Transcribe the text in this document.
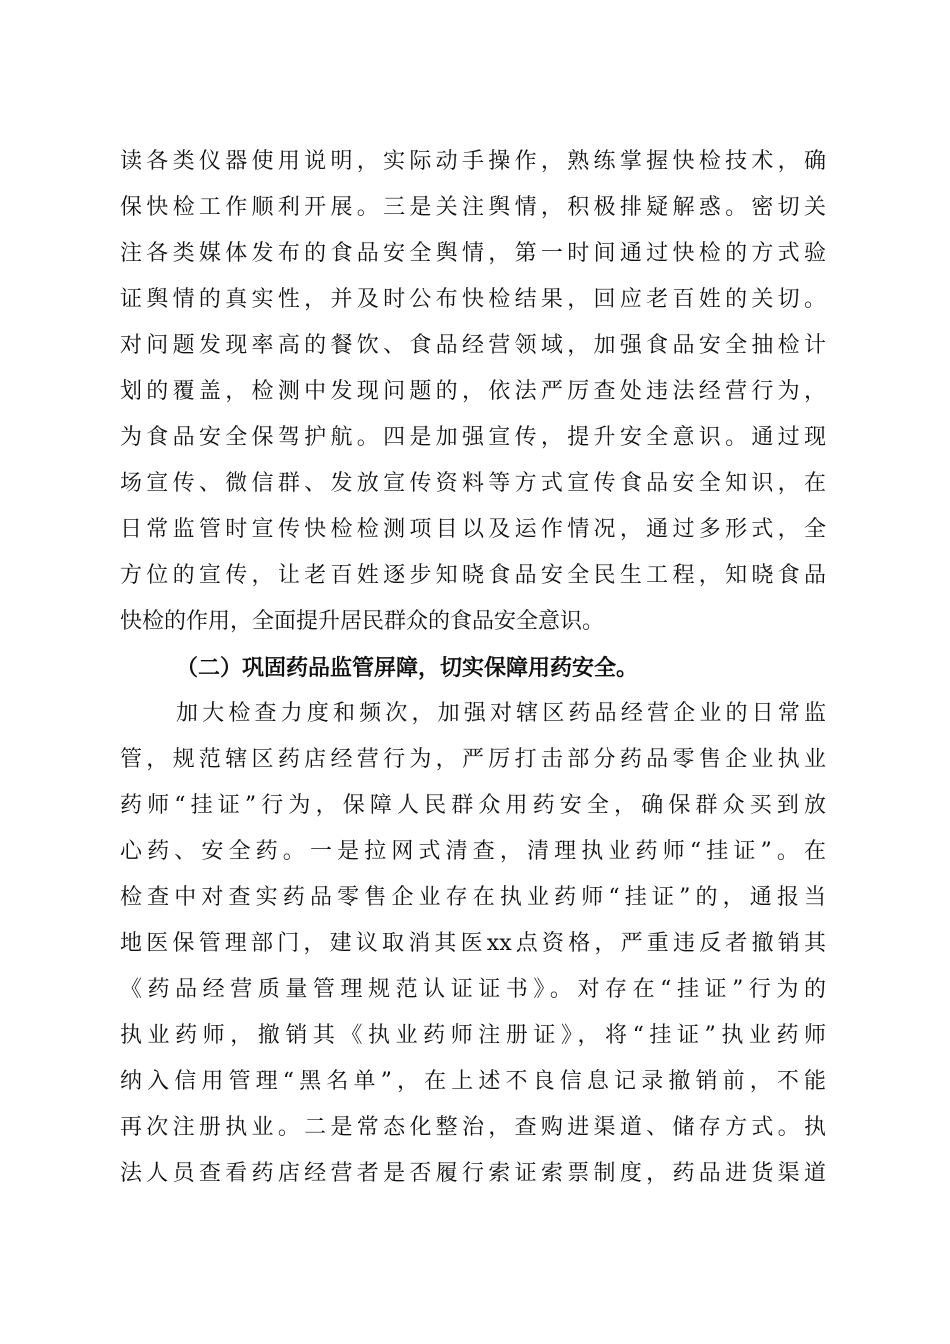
读各类仪器使用说明，实际动手操作，熟练掌握快检技术，确
保快检工作顺利开展。三是关注舆情，积极排疑解惑。密切关
注各类媒体发布的食品安全舆情，第一时间通过快检的方式验
证舆情的真实性，并及时公布快检结果，回应老百姓的关切。
对问题发现率高的餐饮、食品经营领域，加强食品安全抽检计
划的覆盖，检测中发现问题的，依法严厉查处违法经营行为，
为食品安全保驾护航。四是加强宣传，提升安全意识。通过现
场宣传、微信群、发放宣传资料等方式宣传食品安全知识，在
日常监管时宣传快检检测项目以及运作情况，通过多形式，全
方位的宣传，让老百姓逐步知晓食品安全民生工程，知晓食品
快检的作用，全面提升居民群众的食品安全意识。
（二）巩固药品监管屏障，切实保障用药安全。
加大检查力度和频次，加强对辖区药品经营企业的日常监
管，规范辖区药店经营行为，严厉打击部分药品零售企业执业
药师“挂证”行为，保障人民群众用药安全，确保群众买到放
心药、安全药。一是拉网式清查，清理执业药师“挂证”。在
检查中对查实药品零售企业存在执业药师“挂证”的，通报当
地医保管理部门，建议取消其医xx点资格，严重违反者撤销其
《药品经营质量管理规范认证证书》。对存在“挂证”行为的
执业药师，撤销其《执业药师注册证》，将“挂证”执业药师
纳入信用管理“黑名单”，在上述不良信息记录撤销前，不能
再次注册执业。二是常态化整治，查购进渠道、储存方式。执
法人员查看药店经营者是否履行索证索票制度，药品进货渠道
